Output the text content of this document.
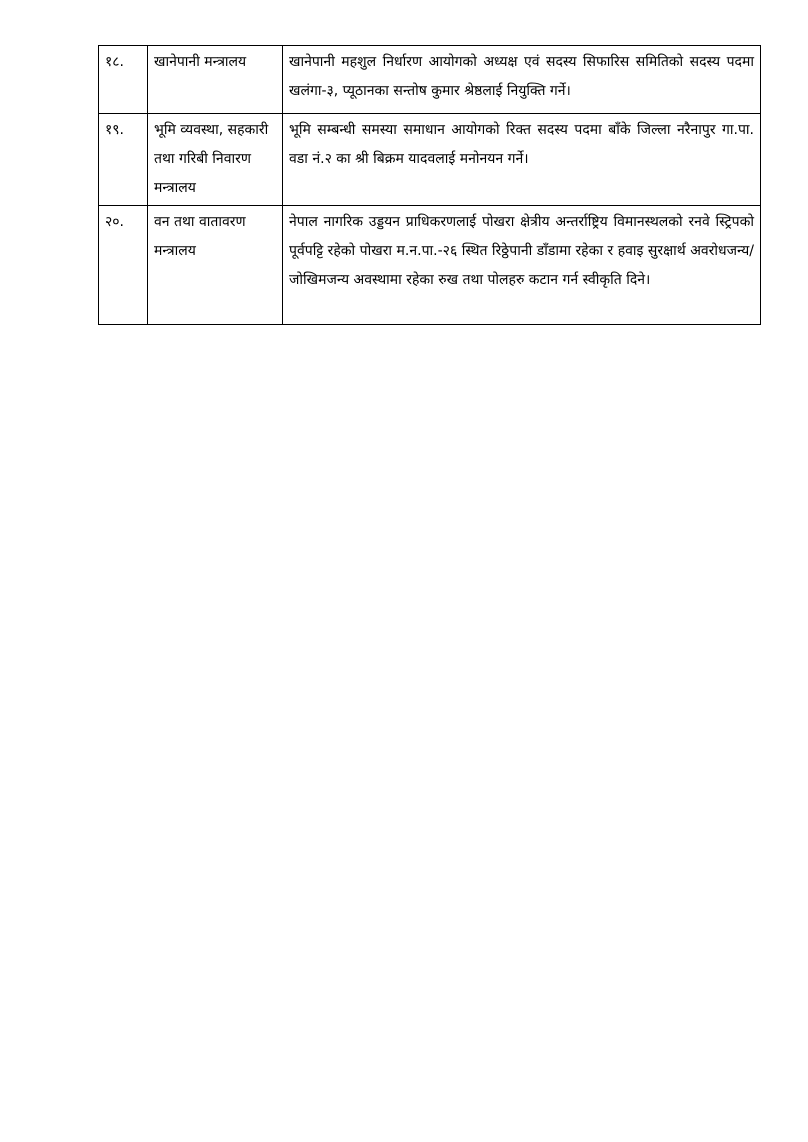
१८.	खानेपानी मन्त्रालय	खानेपानी महशुल निर्धारण आयोगको अध्यक्ष एवं सदस्य सिफारिस समितिको सदस्य पदमा खलंगा-३, प्यूठानका सन्तोष कुमार श्रेष्ठलाई नियुक्ति गर्ने।
१९.	भूमि व्यवस्था, सहकारी तथा गरिबी निवारण मन्त्रालय	भूमि सम्बन्धी समस्या समाधान आयोगको रिक्त सदस्य पदमा बाँके जिल्ला नरैनापुर गा.पा. वडा नं.२ का श्री बिक्रम यादवलाई मनोनयन गर्ने।
२०.	वन तथा वातावरण मन्त्रालय	नेपाल नागरिक उड्डयन प्राधिकरणलाई पोखरा क्षेत्रीय अन्तर्राष्ट्रिय विमानस्थलको रनवे स्ट्रिपको पूर्वपट्टि रहेको पोखरा म.न.पा.-२६ स्थित रिठ्ठेपानी डाँडामा रहेका र हवाइ सुरक्षार्थ अवरोधजन्य/जोखिमजन्य अवस्थामा रहेका रुख तथा पोलहरु कटान गर्न स्वीकृति दिने।
